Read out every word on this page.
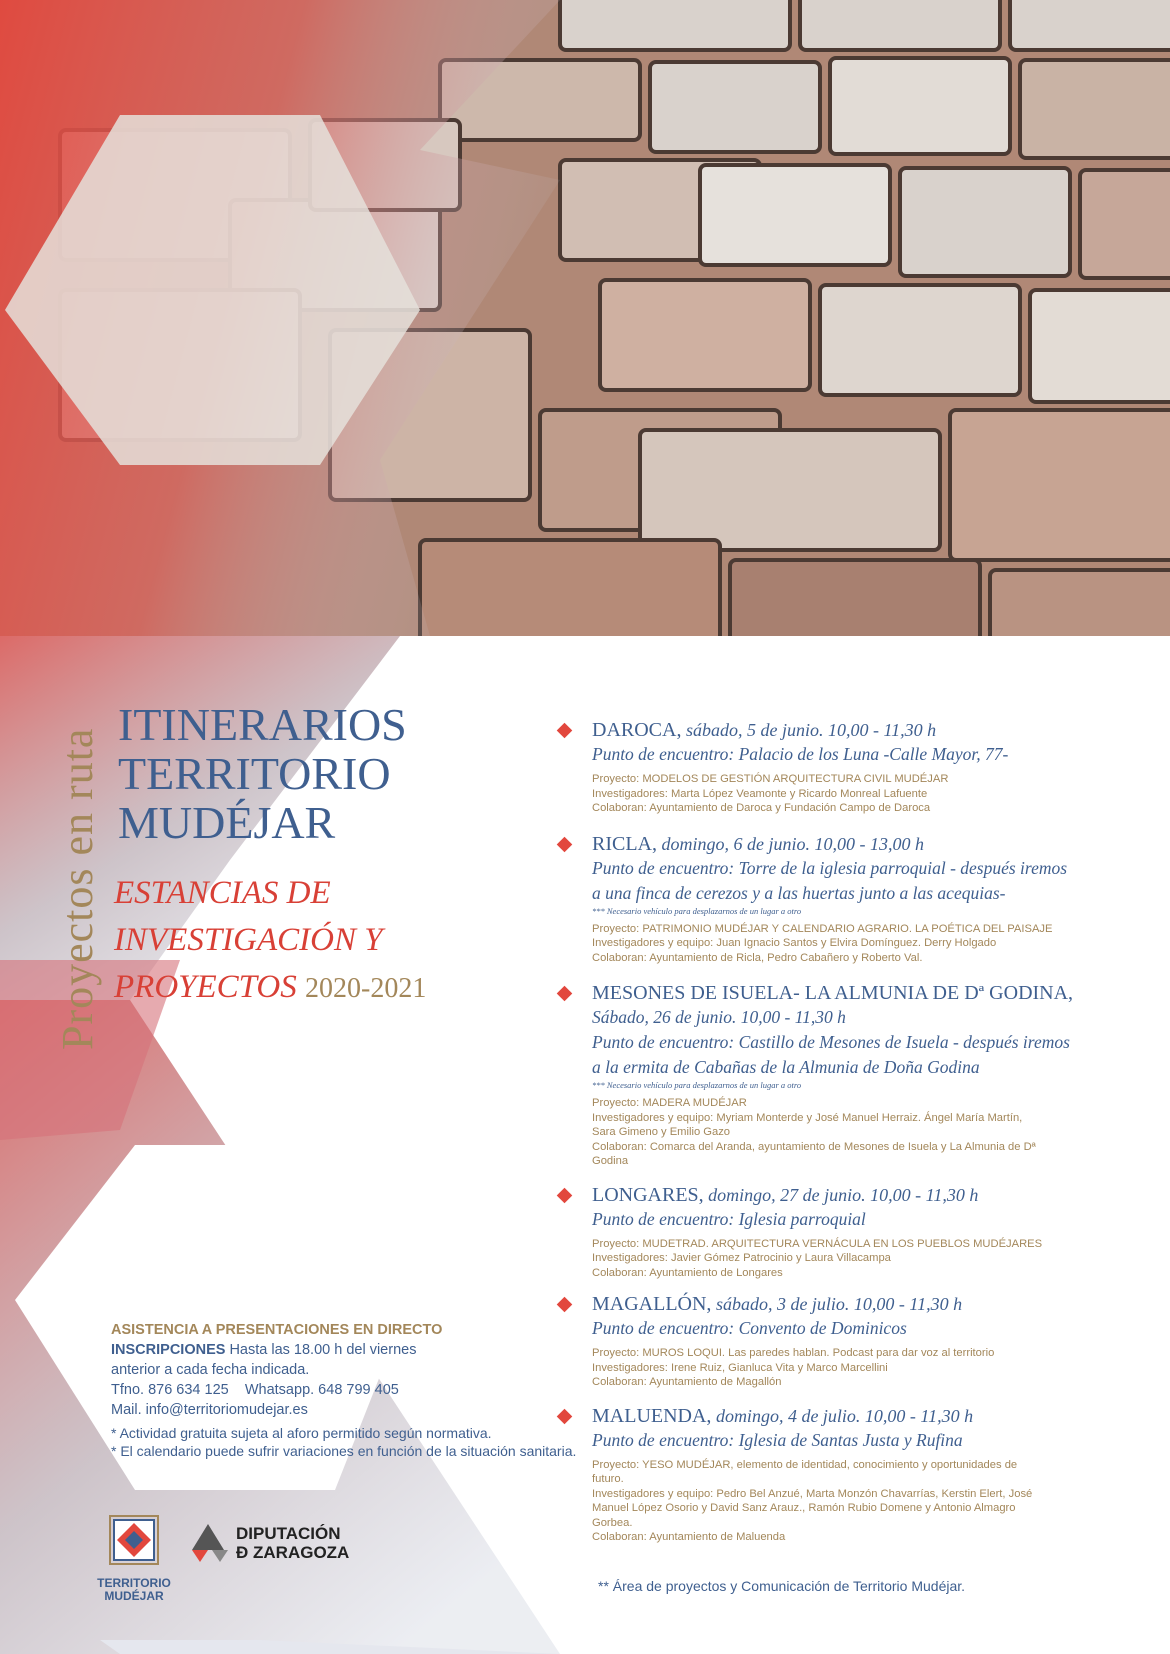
Proyectos en ruta
ITINERARIOS
TERRITORIO
MUDÉJAR
ESTANCIAS DE
INVESTIGACIÓN Y
PROYECTOS 2020-2021
DAROCA, sábado, 5 de junio. 10,00 - 11,30 h
Punto de encuentro: Palacio de los Luna -Calle Mayor, 77-
Proyecto: MODELOS DE GESTIÓN ARQUITECTURA CIVIL MUDÉJAR
Investigadores: Marta López Veamonte y Ricardo Monreal Lafuente
Colaboran: Ayuntamiento de Daroca y Fundación Campo de Daroca
RICLA, domingo, 6 de junio. 10,00 - 13,00 h
Punto de encuentro: Torre de la iglesia parroquial - después iremos
a una finca de cerezos y a las huertas junto a las acequias-
*** Necesario vehículo para desplazarnos de un lugar a otro
Proyecto: PATRIMONIO MUDÉJAR Y CALENDARIO AGRARIO. LA POÉTICA DEL PAISAJE
Investigadores y equipo: Juan Ignacio Santos y Elvira Domínguez. Derry Holgado
Colaboran: Ayuntamiento de Ricla, Pedro Cabañero y Roberto Val.
MESONES DE ISUELA- LA ALMUNIA DE Dª GODINA,
Sábado, 26 de junio. 10,00 - 11,30 h
Punto de encuentro: Castillo de Mesones de Isuela - después iremos
a la ermita de Cabañas de la Almunia de Doña Godina
*** Necesario vehículo para desplazarnos de un lugar a otro
Proyecto: MADERA MUDÉJAR
Investigadores y equipo: Myriam Monterde y José Manuel Herraiz. Ángel María Martín,
Sara Gimeno y Emilio Gazo
Colaboran: Comarca del Aranda, ayuntamiento de Mesones de Isuela y La Almunia de Dª
Godina
LONGARES, domingo, 27 de junio. 10,00 - 11,30 h
Punto de encuentro: Iglesia parroquial
Proyecto: MUDETRAD. ARQUITECTURA VERNÁCULA EN LOS PUEBLOS MUDÉJARES
Investigadores: Javier Gómez Patrocinio y Laura Villacampa
Colaboran: Ayuntamiento de Longares
MAGALLÓN, sábado, 3 de julio. 10,00 - 11,30 h
Punto de encuentro: Convento de Dominicos
Proyecto: MUROS LOQUI. Las paredes hablan. Podcast para dar voz al territorio
Investigadores: Irene Ruiz, Gianluca Vita y Marco Marcellini
Colaboran: Ayuntamiento de Magallón
MALUENDA, domingo, 4 de julio. 10,00 - 11,30 h
Punto de encuentro: Iglesia de Santas Justa y Rufina
Proyecto: YESO MUDÉJAR, elemento de identidad, conocimiento y oportunidades de
futuro.
Investigadores y equipo: Pedro Bel Anzué, Marta Monzón Chavarrías, Kerstin Elert, José
Manuel López Osorio y David Sanz Arauz., Ramón Rubio Domene y Antonio Almagro
Gorbea.
Colaboran: Ayuntamiento de Maluenda
** Área de proyectos y Comunicación de Territorio Mudéjar.
ASISTENCIA A PRESENTACIONES EN DIRECTO
INSCRIPCIONES Hasta las 18.00 h del viernes
anterior a cada fecha indicada.
Tfno. 876 634 125 Whatsapp. 648 799 405
Mail. info@territoriomudejar.es
* Actividad gratuita sujeta al aforo permitido según normativa.
* El calendario puede sufrir variaciones en función de la situación sanitaria.
TERRITORIO
MUDÉJAR
DIPUTACIÓN
Ð ZARAGOZA
